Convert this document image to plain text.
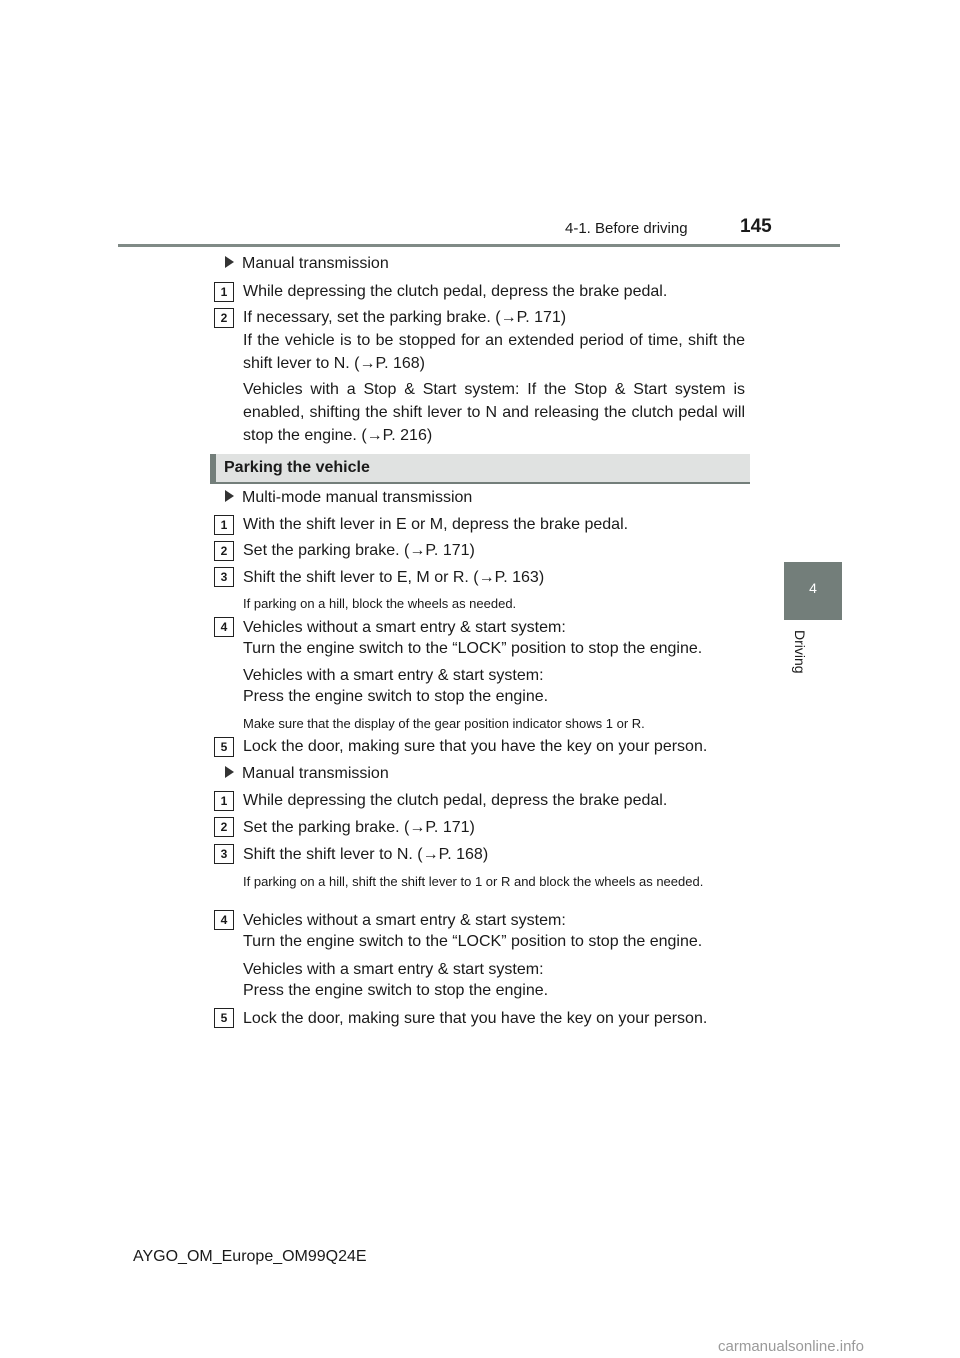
4-1. Before driving	145
4
Driving
Manual transmission
1 While depressing the clutch pedal, depress the brake pedal.
2 If necessary, set the parking brake. (→P. 171)
If the vehicle is to be stopped for an extended period of time, shift the shift lever to N. (→P. 168)
Vehicles with a Stop & Start system: If the Stop & Start system is enabled, shifting the shift lever to N and releasing the clutch pedal will stop the engine. (→P. 216)
Parking the vehicle
Multi-mode manual transmission
1 With the shift lever in E or M, depress the brake pedal.
2 Set the parking brake. (→P. 171)
3 Shift the shift lever to E, M or R. (→P. 163)
If parking on a hill, block the wheels as needed.
4 Vehicles without a smart entry & start system:
Turn the engine switch to the “LOCK” position to stop the engine.
Vehicles with a smart entry & start system:
Press the engine switch to stop the engine.
Make sure that the display of the gear position indicator shows 1 or R.
5 Lock the door, making sure that you have the key on your person.
Manual transmission
1 While depressing the clutch pedal, depress the brake pedal.
2 Set the parking brake. (→P. 171)
3 Shift the shift lever to N. (→P. 168)
If parking on a hill, shift the shift lever to 1 or R and block the wheels as needed.
4 Vehicles without a smart entry & start system:
Turn the engine switch to the “LOCK” position to stop the engine.
Vehicles with a smart entry & start system:
Press the engine switch to stop the engine.
5 Lock the door, making sure that you have the key on your person.
AYGO_OM_Europe_OM99Q24E
carmanualsonline.info
